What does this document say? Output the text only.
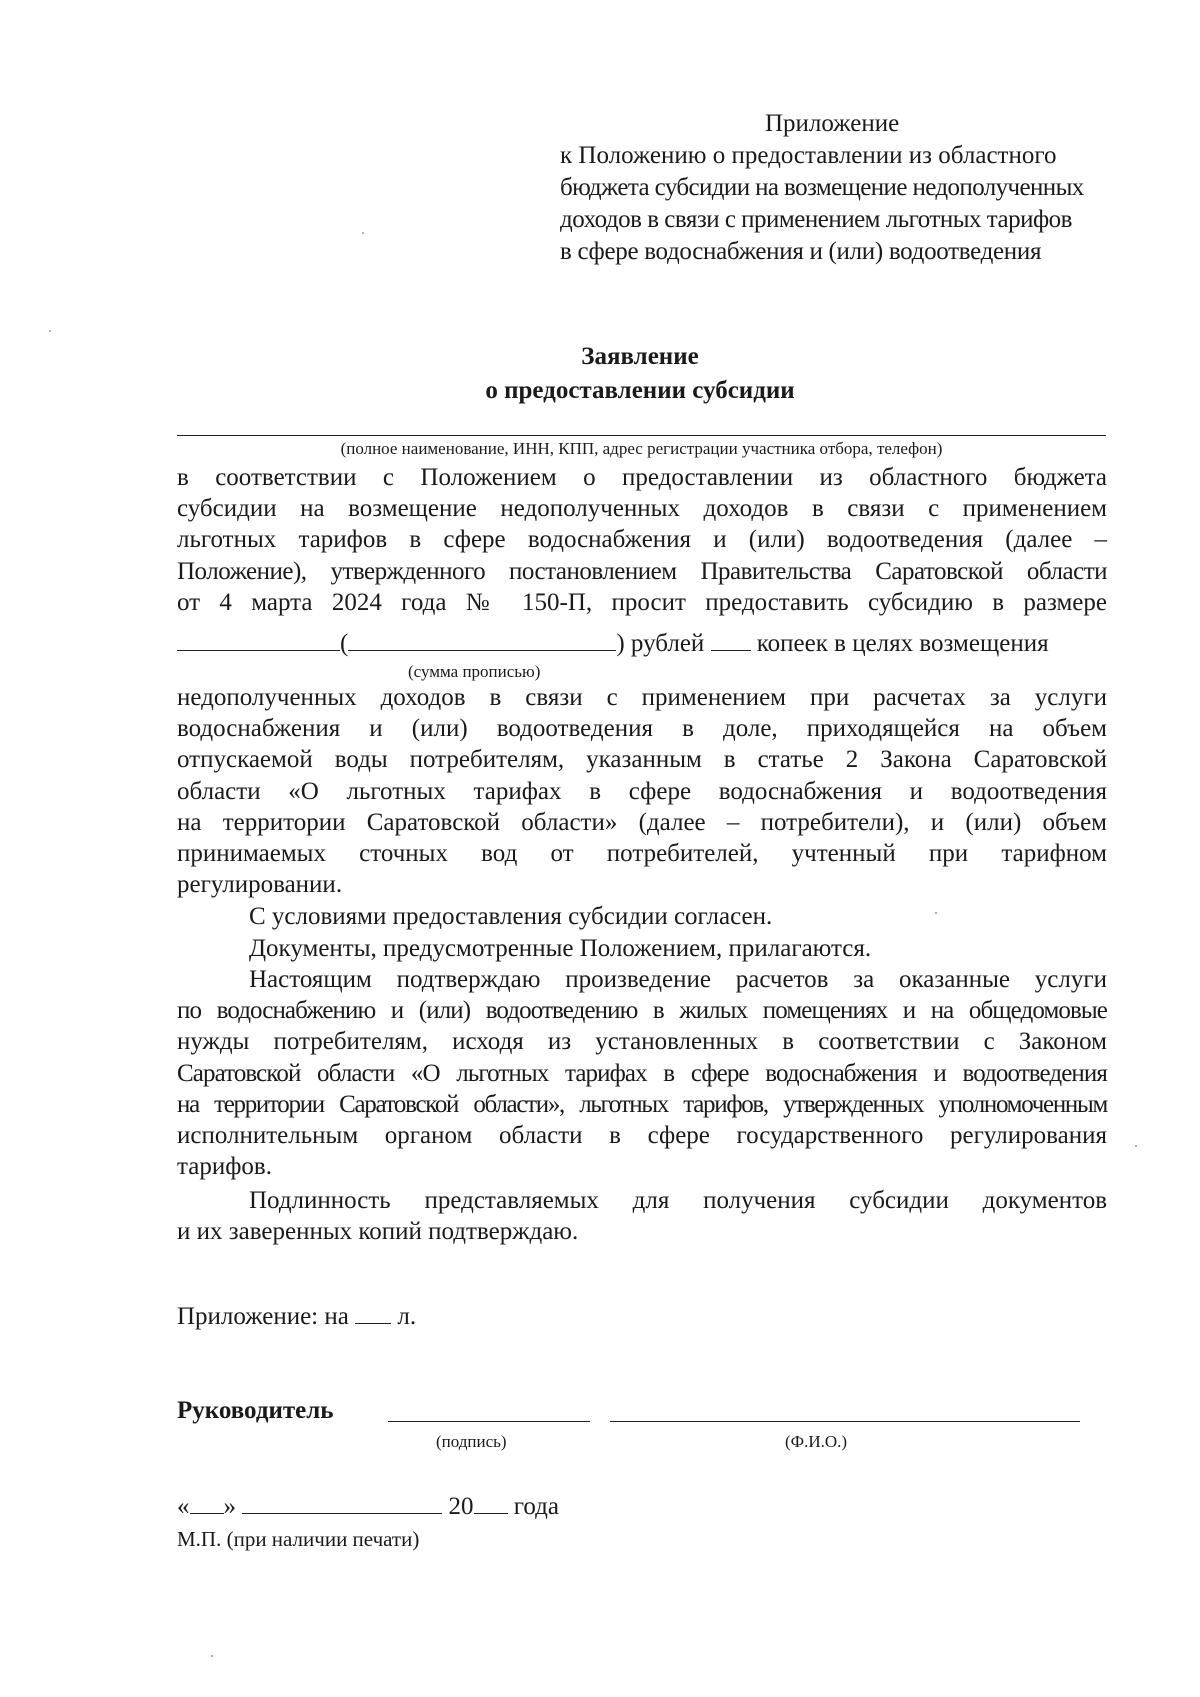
Приложение
к Положению о предоставлении из областного
бюджета субсидии на возмещение недополученных
доходов в связи с применением льготных тарифов
в сфере водоснабжения и (или) водоотведения
Заявление
о предоставлении субсидии
(полное наименование, ИНН, КПП, адрес регистрации участника отбора, телефон)
в соответствии с Положением о предоставлении из областного бюджета
субсидии на возмещение недополученных доходов в связи с применением
льготных тарифов в сфере водоснабжения и (или) водоотведения (далее –
Положение), утвержденного постановлением Правительства Саратовской области
от 4 марта 2024 года № 150-П, просит предоставить субсидию в размере
(	) рублей копеек в целях возмещения
(сумма прописью)
недополученных доходов в связи с применением при расчетах за услуги
водоснабжения и (или) водоотведения в доле, приходящейся на объем
отпускаемой воды потребителям, указанным в статье 2 Закона Саратовской
области «О льготных тарифах в сфере водоснабжения и водоотведения
на территории Саратовской области» (далее – потребители), и (или) объем
принимаемых сточных вод от потребителей, учтенный при тарифном
регулировании.
С условиями предоставления субсидии согласен.
Документы, предусмотренные Положением, прилагаются.
Настоящим подтверждаю произведение расчетов за оказанные услуги
по водоснабжению и (или) водоотведению в жилых помещениях и на общедомовые
нужды потребителям, исходя из установленных в соответствии с Законом
Саратовской области «О льготных тарифах в сфере водоснабжения и водоотведения
на территории Саратовской области», льготных тарифов, утвержденных уполномоченным
исполнительным органом области в сфере государственного регулирования
тарифов.
Подлинность представляемых для получения субсидии документов
и их заверенных копий подтверждаю.
Приложение: на л.
Руководитель
(подпись)	(Ф.И.О.)
« »	20 года
М.П. (при наличии печати)
